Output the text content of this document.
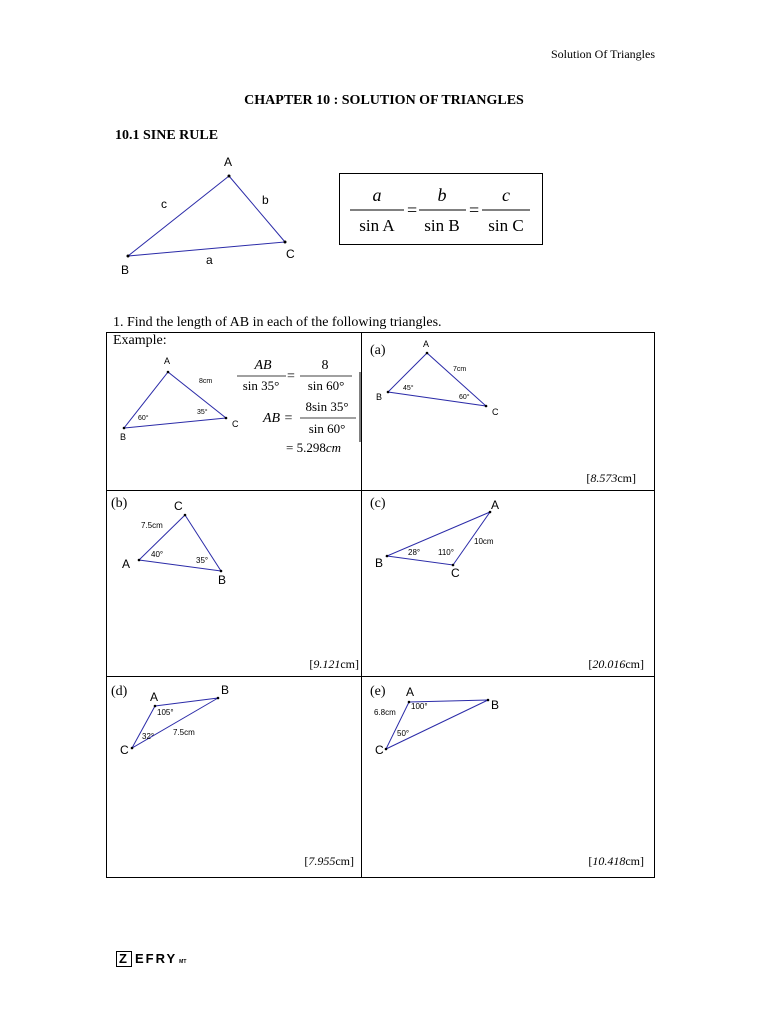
Solution Of Triangles
CHAPTER 10 : SOLUTION OF TRIANGLES
10.1 SINE RULE
A
B
C
a
b
c	a
sin A
=
b
sin B
=
c
sin C
1. Find the length of AB in each of the following triangles.
Example:
A
B
C
8cm
60°
35°
AB
sin 35°
=
8
sin 60°
AB =
8sin 35°
sin 60°
= 5.298cm
(a)	A
B
C
7cm
45°
60°
[8.573cm]
(b)	C
A
B
7.5cm
40°
35°
[9.121cm]
(c)	A
B
C
10cm
28° 110°
[20.016cm]
(d) A	B
C
7.5cm
105°
32°
[7.955cm]
(e) A
B
C
6.8cm
100°
50°
[10.418cm]
Z EFRY MT
